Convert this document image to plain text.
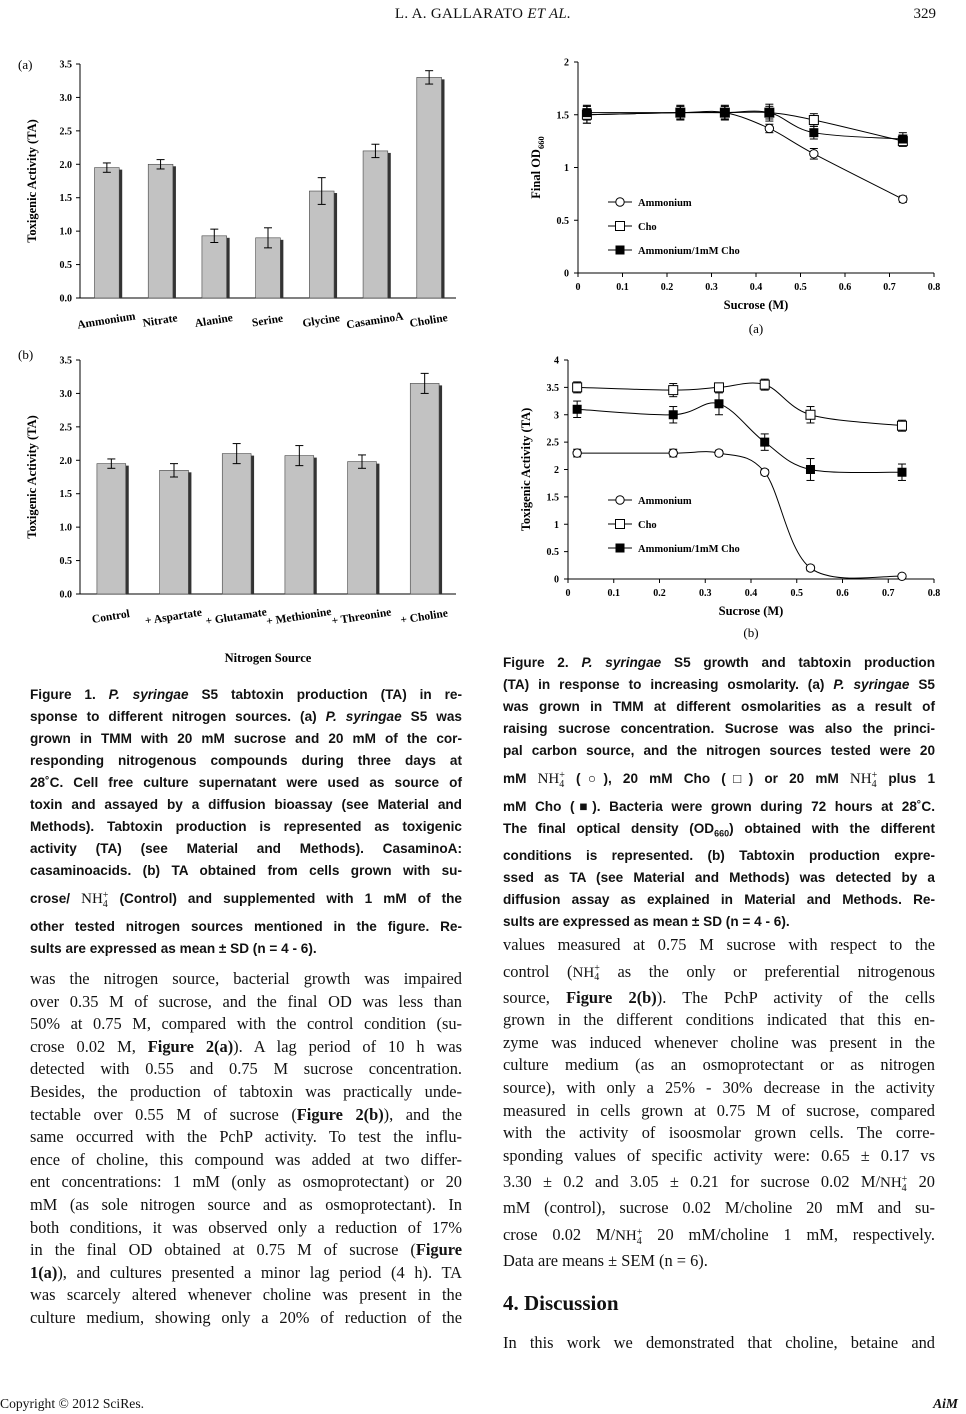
L. A. GALLARATO ET AL.	329
(a)
0.0
0.5
1.0
1.5
2.0
2.5
3.0
3.5
Ammonium Nitrate Alanine Serine Glycine CasaminoA Choline
Toxigenic Activity (TA)
(b)
0.0
0.5
1.0
1.5
2.0
2.5
3.0
3.5
Control + Aspartate + Glutamate
+ Methionine
+ Threonine + Choline
Toxigenic Activity (TA)
Nitrogen Source
0
0.5
1
1.5
2
0	0.1	0.2	0.3	0.4	0.5	0.6	0.7	0.8
Ammonium
Cho
Ammonium/1mM Cho
Sucrose (M)
Final $OD_{660}$
(a)
0
0.5
1
1.5
2
2.5
3
3.5
4
0	0.1	0.2	0.3	0.4	0.5	0.6	0.7	0.8
Ammonium
Cho
Ammonium/1mM Cho
Sucrose (M)
Toxigenic Activity (TA)
(b)
Figure 1. P. syringae S5 tabtoxin production (TA) in re-
sponse to different nitrogen sources. (a) P. syringae S5 was
grown in TMM with 20 mM sucrose and 20 mM of the cor-
responding nitrogenous compounds during three days at
28˚C. Cell free culture supernatant were used as source of
toxin and assayed by a diffusion bioassay (see Material and
Methods). Tabtoxin production is represented as toxigenic
activity (TA) (see Material and Methods). CasaminoA:
casaminoacids. (b) TA obtained from cells grown with su-
crose/ NH +
4 (Control) and supplemented with 1 mM of the
other tested nitrogen sources mentioned in the figure. Re-
sults are expressed as mean ± SD (n = 4 - 6).
Figure 2. P. syringae S5 growth and tabtoxin production
(TA) in response to increasing osmolarity. (a) P. syringae S5
was grown in TMM at different osmolarities as a result of
raising sucrose concentration. Sucrose was also the princi-
pal carbon source, and the nitrogen sources tested were 20
mM NH +
4 (○), 20 mM Cho (□) or 20 mM NH +
4 plus 1
mM Cho (■). Bacteria were grown during 72 hours at 28˚C.
The final optical density $(OD_{660})$ obtained with the different
conditions is represented. (b) Tabtoxin production expre-
ssed as TA (see Material and Methods) was detected by a
diffusion assay as explained in Material and Methods. Re-
sults are expressed as mean ± SD (n = 4 - 6).
was the nitrogen source, bacterial growth was impaired
over 0.35 M of sucrose, and the final OD was less than
50% at 0.75 M, compared with the control condition (su-
crose 0.02 M, Figure 2(a)). A lag period of 10 h was
detected with 0.55 and 0.75 M sucrose concentration.
Besides, the production of tabtoxin was practically unde-
tectable over 0.55 M of sucrose (Figure 2(b)), and the
same occurred with the PchP activity. To test the influ-
ence of choline, this compound was added at two differ-
ent concentrations: 1 mM (only as osmoprotectant) or 20
mM (as sole nitrogen source and as osmoprotectant). In
both conditions, it was observed only a reduction of 17%
in the final OD obtained at 0.75 M of sucrose (Figure
1(a)), and cultures presented a minor lag period (4 h). TA
was scarcely altered whenever choline was present in the
culture medium, showing only a 20% of reduction of the
values measured at 0.75 M sucrose with respect to the
control (NH +
4 as the only or preferential nitrogenous
source, Figure 2(b)). The PchP activity of the cells
grown in the different conditions indicated that this en-
zyme was induced whenever choline was present in the
culture medium (as an osmoprotectant or as nitrogen
source), with only a 25% - 30% decrease in the activity
measured in cells grown at 0.75 M of sucrose, compared
with the activity of isoosmolar grown cells. The corre-
sponding values of specific activity were: 0.65 ± 0.17 vs
3.30 ± 0.2 and 3.05 ± 0.21 for sucrose 0.02 M/NH +
4 20
mM (control), sucrose 0.02 M/choline 20 mM and su-
crose 0.02 M/NH +
4 20 mM/choline 1 mM, respectively.
Data are means ± SEM (n = 6).
4. Discussion
In this work we demonstrated that choline, betaine and
Copyright © 2012 SciRes.	AiM
